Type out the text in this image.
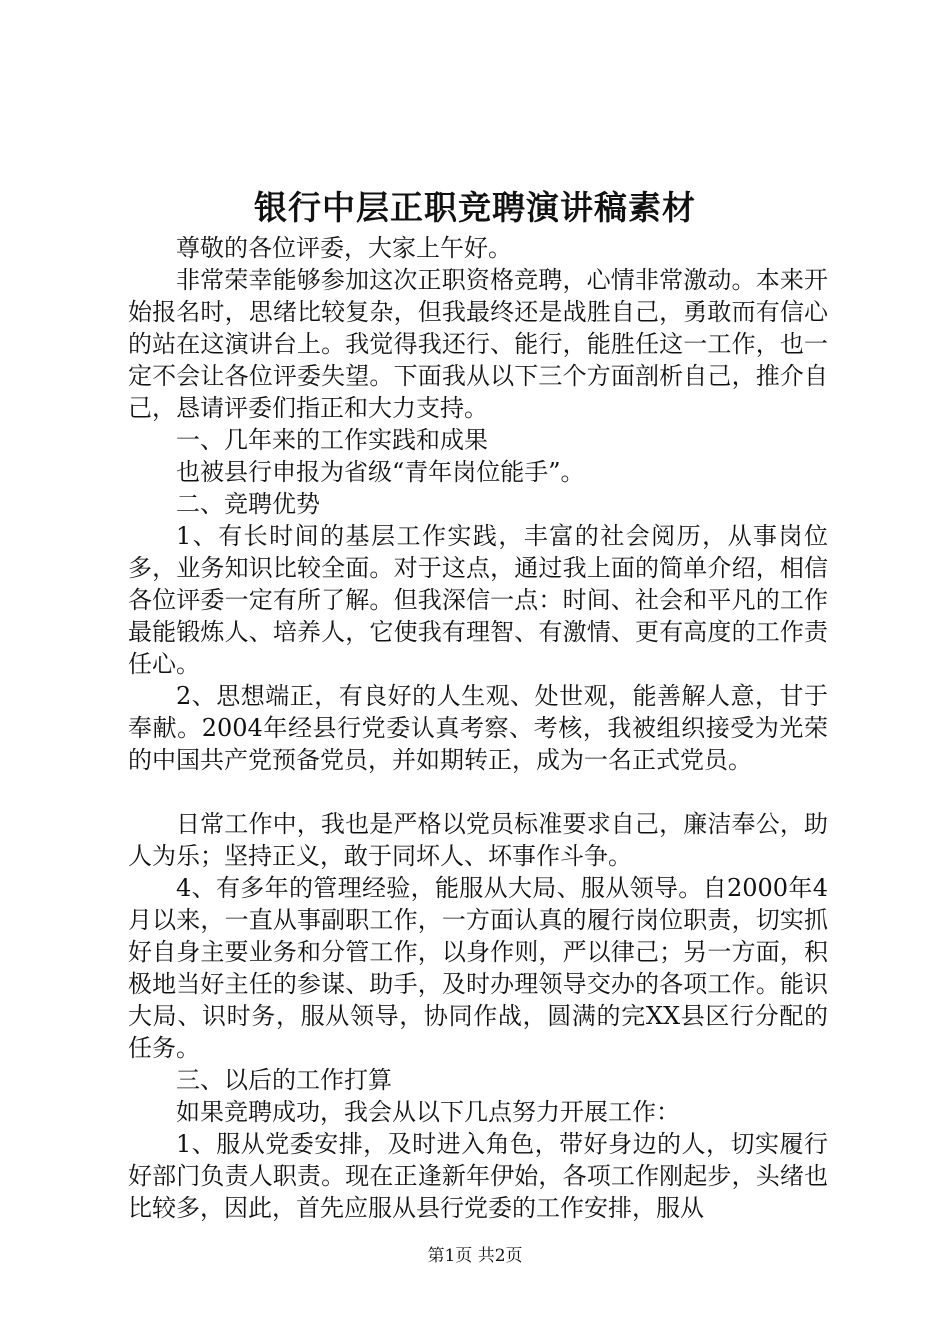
银行中层正职竞聘演讲稿素材

尊敬的各位评委，大家上午好。

非常荣幸能够参加这次正职资格竞聘，心情非常激动。本来开始报名时，思绪比较复杂，但我最终还是战胜自己，勇敢而有信心的站在这演讲台上。我觉得我还行、能行，能胜任这一工作，也一定不会让各位评委失望。下面我从以下三个方面剖析自己，推介自己，恳请评委们指正和大力支持。

一、几年来的工作实践和成果

也被县行申报为省级“青年岗位能手”。

二、竞聘优势

1、有长时间的基层工作实践，丰富的社会阅历，从事岗位多，业务知识比较全面。对于这点，通过我上面的简单介绍，相信各位评委一定有所了解。但我深信一点：时间、社会和平凡的工作最能锻炼人、培养人，它使我有理智、有激情、更有高度的工作责任心。

2、思想端正，有良好的人生观、处世观，能善解人意，甘于奉献。2004年经县行党委认真考察、考核，我被组织接受为光荣的中国共产党预备党员，并如期转正，成为一名正式党员。

日常工作中，我也是严格以党员标准要求自己，廉洁奉公，助人为乐；坚持正义，敢于同坏人、坏事作斗争。

4、有多年的管理经验，能服从大局、服从领导。自2000年4月以来，一直从事副职工作，一方面认真的履行岗位职责，切实抓好自身主要业务和分管工作，以身作则，严以律己；另一方面，积极地当好主任的参谋、助手，及时办理领导交办的各项工作。能识大局、识时务，服从领导，协同作战，圆满的完XX县区行分配的任务。

三、以后的工作打算

如果竞聘成功，我会从以下几点努力开展工作：

1、服从党委安排，及时进入角色，带好身边的人，切实履行好部门负责人职责。现在正逢新年伊始，各项工作刚起步，头绪也比较多，因此，首先应服从县行党委的工作安排，服从

第1页 共2页
